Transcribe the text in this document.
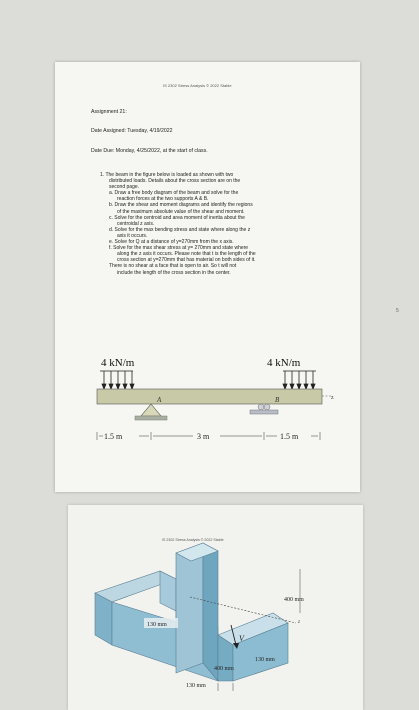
IS 2302 Stress Analysis © 2022 Stable
Assignment 21:
Date Assigned: Tuesday, 4/19/2022
Date Due: Monday, 4/25/2022, at the start of class.
1. The beam in the figure below is loaded as shown with two
distributed loads. Details about the cross section are on the
second page.
a. Draw a free body diagram of the beam and solve for the
reaction forces at the two supports A & B.
b. Draw the shear and moment diagrams and identify the regions
of the maximum absolute value of the shear and moment.
c. Solve for the centroid and area moment of inertia about the
centroidal z axis.
d. Solve for the max bending stress and state where along the z
axis it occurs.
e. Solve for Q at a distance of y=270mm from the x axis.
f. Solve for the max shear stress at y= 270mm and state where
along the z axis it occurs. Please note that t is the length of the
cross section at y=270mm that has material on both sides of it.
There is no shear at a face that is open to air. So t will not
include the length of the cross section in the center.
4 kN/m	4 kN/m
z
A	B
1.5 m	3 m	1.5 m
5
IS 2302 Stress Analysis © 2022 Stable
z
V
400 mm
130 mm
400 mm
130 mm
130 mm
